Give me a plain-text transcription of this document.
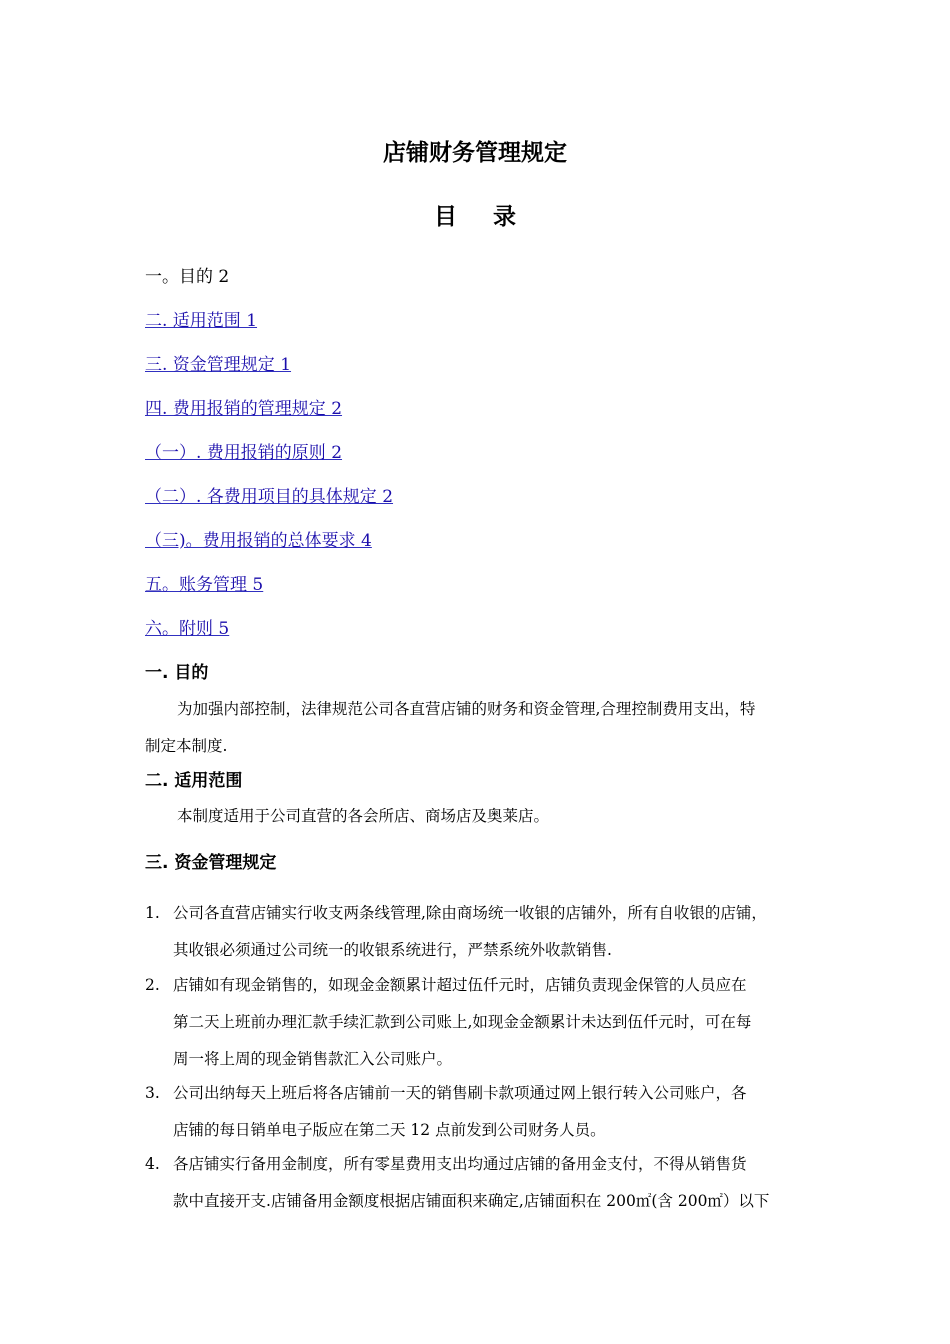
店铺财务管理规定
目 录
一。目的 2
二. 适用范围 1
三. 资金管理规定 1
四. 费用报销的管理规定 2
（一）. 费用报销的原则 2
（二）. 各费用项目的具体规定 2
（三)。费用报销的总体要求 4
五。账务管理 5
六。附则 5
一. 目的
为加强内部控制，法律规范公司各直营店铺的财务和资金管理,合理控制费用支出，特
制定本制度.
二. 适用范围
本制度适用于公司直营的各会所店、商场店及奥莱店。
三. 资金管理规定
1. 公司各直营店铺实行收支两条线管理,除由商场统一收银的店铺外，所有自收银的店铺，
其收银必须通过公司统一的收银系统进行，严禁系统外收款销售.
2. 店铺如有现金销售的，如现金金额累计超过伍仟元时，店铺负责现金保管的人员应在
第二天上班前办理汇款手续汇款到公司账上,如现金金额累计未达到伍仟元时，可在每
周一将上周的现金销售款汇入公司账户。
3. 公司出纳每天上班后将各店铺前一天的销售刷卡款项通过网上银行转入公司账户，各
店铺的每日销单电子版应在第二天 12 点前发到公司财务人员。
4. 各店铺实行备用金制度，所有零星费用支出均通过店铺的备用金支付，不得从销售货
款中直接开支.店铺备用金额度根据店铺面积来确定,店铺面积在 200㎡(含 200㎡）以下
